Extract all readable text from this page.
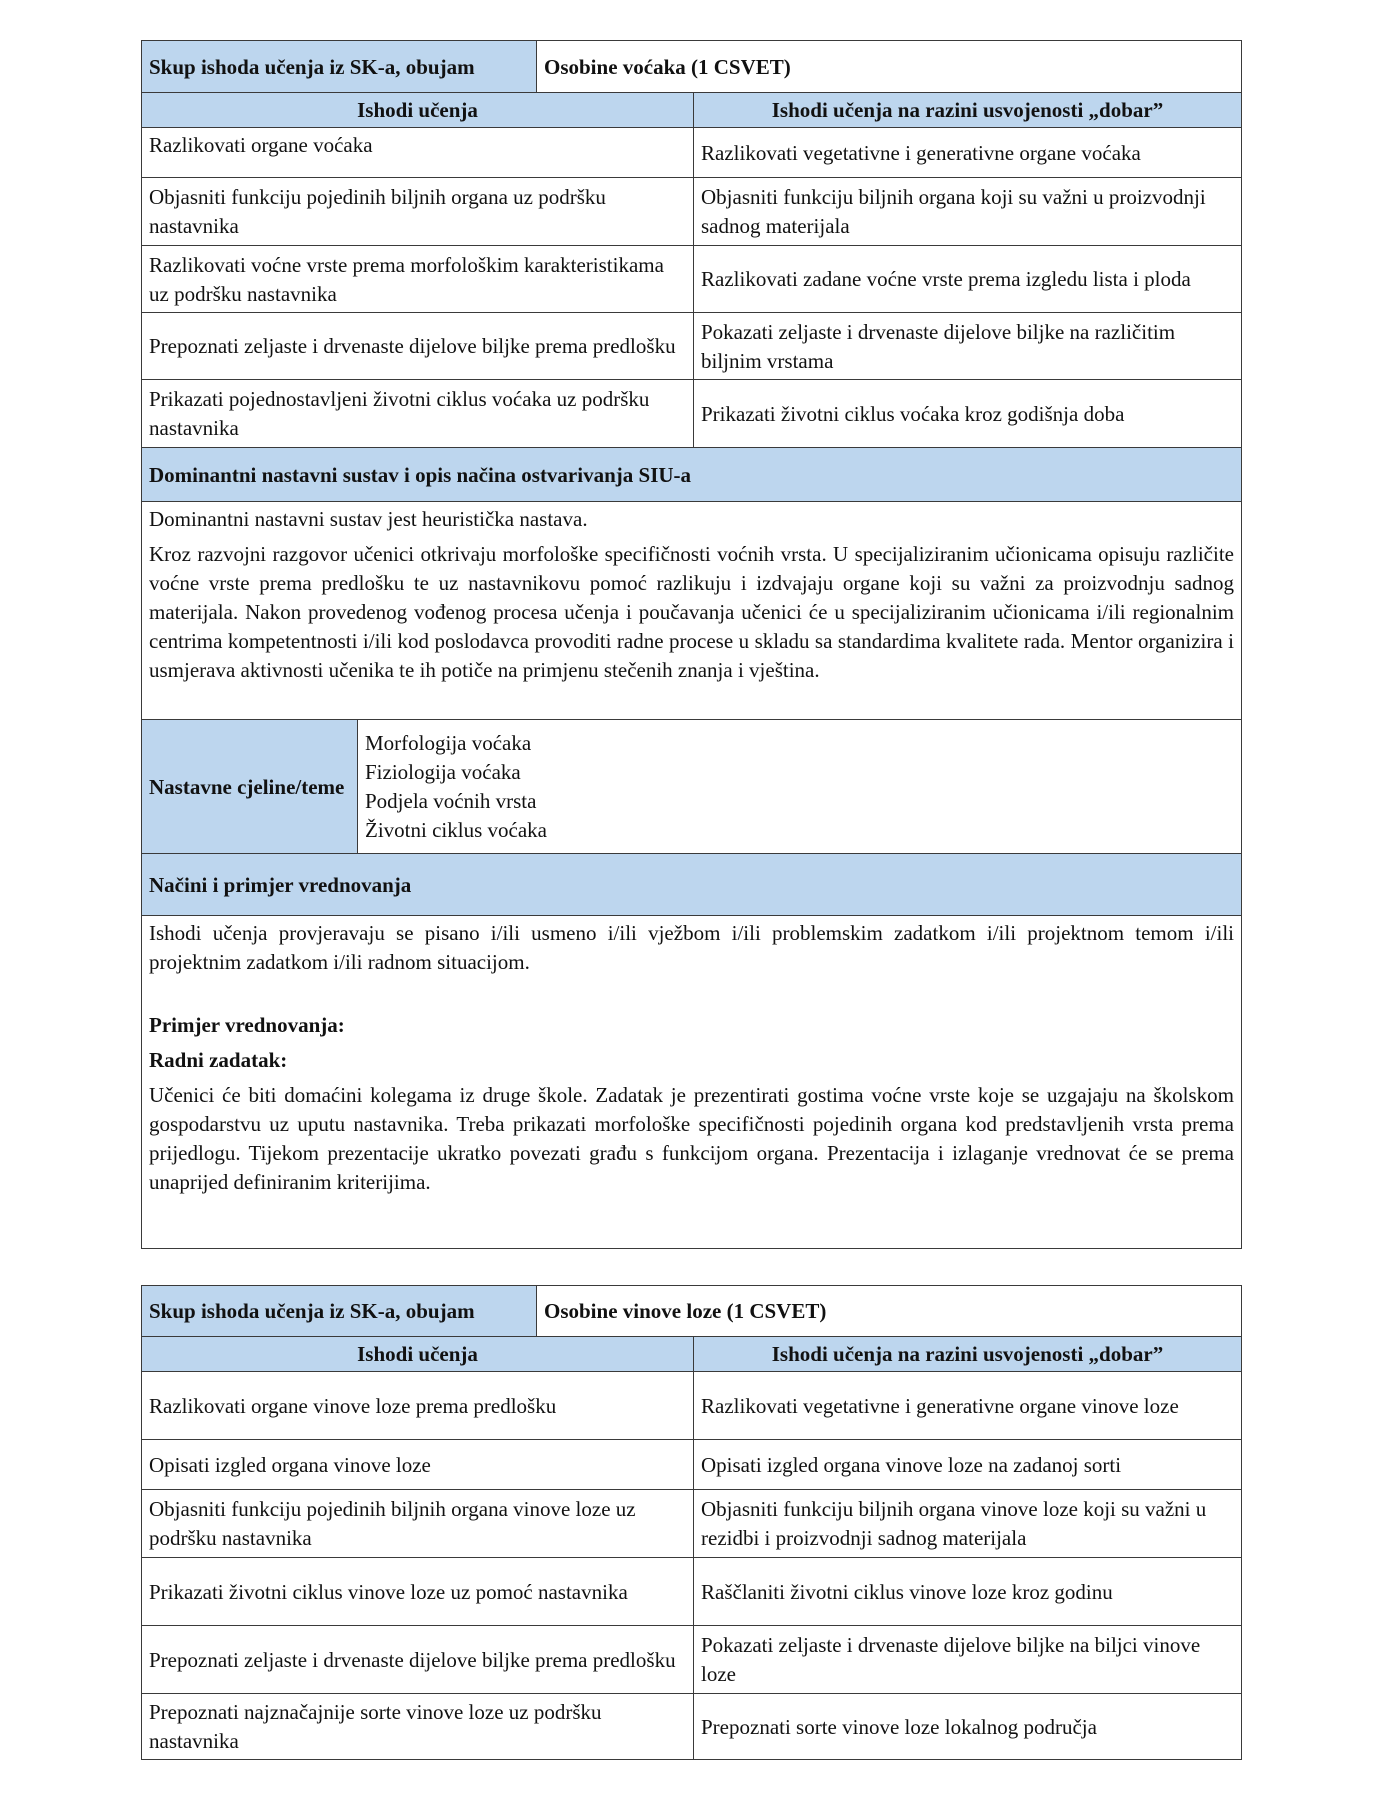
Skup ishoda učenja iz SK-a, obujam		Osobine voćaka (1 CSVET)	
Ishodi učenja			Ishodi učenja na razini usvojenosti „dobar”
Razlikovati organe voćaka			Razlikovati vegetativne i generativne organe voćaka
Objasniti funkciju pojedinih biljnih organa uz podršku nastavnika			Objasniti funkciju biljnih organa koji su važni u proizvodnji sadnog materijala
Razlikovati voćne vrste prema morfološkim karakteristikama uz podršku nastavnika			Razlikovati zadane voćne vrste prema izgledu lista i ploda
Prepoznati zeljaste i drvenaste dijelove biljke prema predlošku			Pokazati zeljaste i drvenaste dijelove biljke na različitim biljnim vrstama
Prikazati pojednostavljeni životni ciklus voćaka uz podršku nastavnika			Prikazati životni ciklus voćaka kroz godišnja doba
Dominantni nastavni sustav i opis načina ostvarivanja SIU-a			

Dominantni nastavni sustav jest heuristička nastava.

Kroz razvojni razgovor učenici otkrivaju morfološke specifičnosti voćnih vrsta. U specijaliziranim učionicama opisuju različite voćne vrste prema predlošku te uz nastavnikovu pomoć razlikuju i izdvajaju organe koji su važni za proizvodnju sadnog materijala. Nakon provedenog vođenog procesa učenja i poučavanja učenici će u specijaliziranim učionicama i/ili regionalnim centrima kompetentnosti i/ili kod poslodavca provoditi radne procese u skladu sa standardima kvalitete rada. Mentor organizira i usmjerava aktivnosti učenika te ih potiče na primjenu stečenih znanja i vještina.			

Nastavne cjeline/teme	Morfologija voćaka
Fiziologija voćaka
Podjela voćnih vrsta
Životni ciklus voćaka		

Načini i primjer vrednovanja			

Ishodi učenja provjeravaju se pisano i/ili usmeno i/ili vježbom i/ili problemskim zadatkom i/ili projektnom temom i/ili projektnim zadatkom i/ili radnom situacijom.

Primjer vrednovanja:

Radni zadatak:

Učenici će biti domaćini kolegama iz druge škole. Zadatak je prezentirati gostima voćne vrste koje se uzgajaju na školskom gospodarstvu uz uputu nastavnika. Treba prikazati morfološke specifičnosti pojedinih organa kod predstavljenih vrsta prema prijedlogu. Tijekom prezentacije ukratko povezati građu s funkcijom organa. Prezentacija i izlaganje vrednovat će se prema unaprijed definiranim kriterijima.			

Skup ishoda učenja iz SK-a, obujam	Osobine vinove loze (1 CSVET)	
Ishodi učenja		Ishodi učenja na razini usvojenosti „dobar”
Razlikovati organe vinove loze prema predlošku		Razlikovati vegetativne i generativne organe vinove loze
Opisati izgled organa vinove loze		Opisati izgled organa vinove loze na zadanoj sorti
Objasniti funkciju pojedinih biljnih organa vinove loze uz podršku nastavnika		Objasniti funkciju biljnih organa vinove loze koji su važni u rezidbi i proizvodnji sadnog materijala
Prikazati životni ciklus vinove loze uz pomoć nastavnika		Raščlaniti životni ciklus vinove loze kroz godinu
Prepoznati zeljaste i drvenaste dijelove biljke prema predlošku		Pokazati zeljaste i drvenaste dijelove biljke na biljci vinove loze
Prepoznati najznačajnije sorte vinove loze uz podršku nastavnika		Prepoznati sorte vinove loze lokalnog područja
